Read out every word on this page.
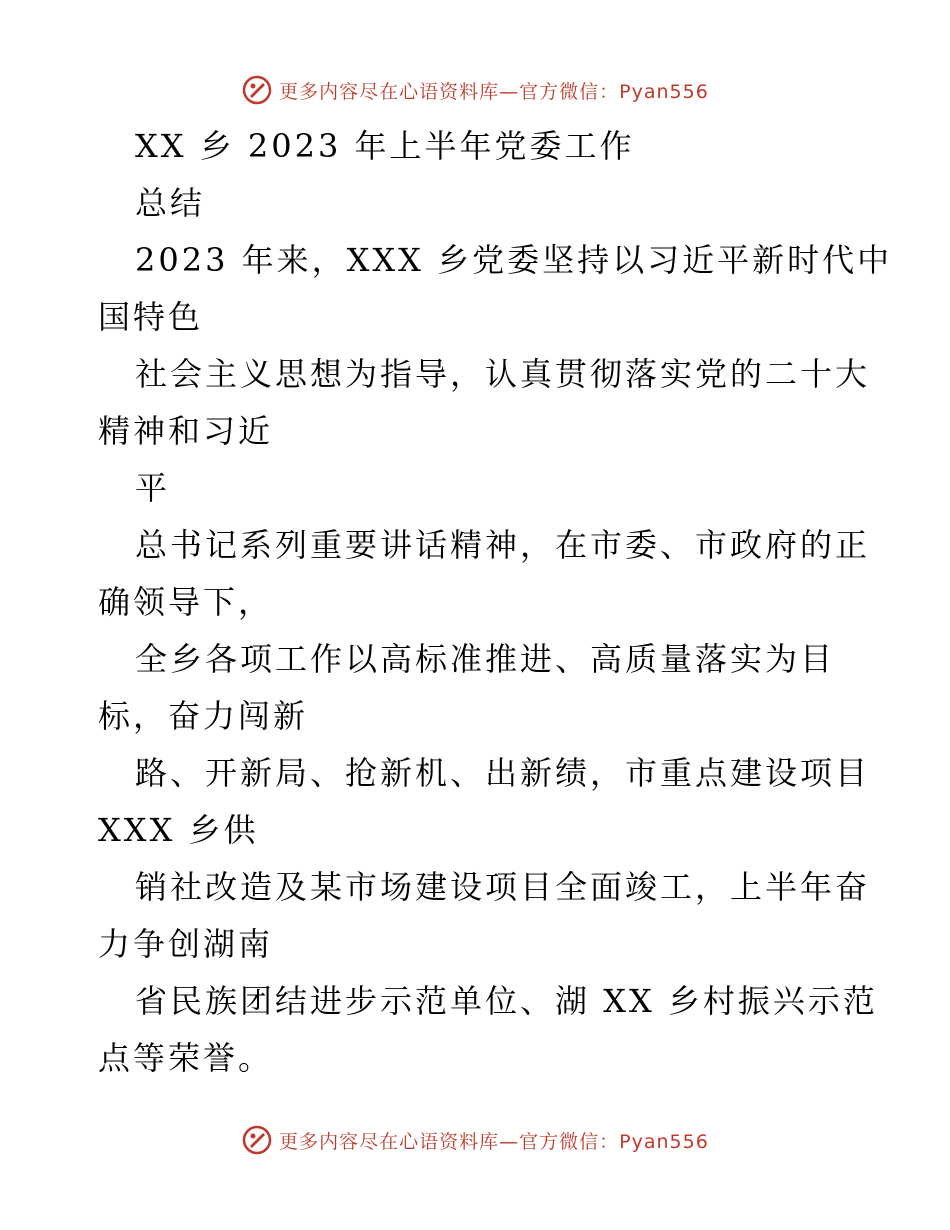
更多内容尽在心语资料库—官方微信：Pyan556
XX 乡 2023 年上半年党委工作
总结
2023 年来，XXX 乡党委坚持以习近平新时代中
国特色
社会主义思想为指导，认真贯彻落实党的二十大
精神和习近
平
总书记系列重要讲话精神，在市委、市政府的正
确领导下，
全乡各项工作以高标准推进、高质量落实为目
标，奋力闯新
路、开新局、抢新机、出新绩，市重点建设项目
XXX 乡供
销社改造及某市场建设项目全面竣工，上半年奋
力争创湖南
省民族团结进步示范单位、湖 XX 乡村振兴示范
点等荣誉。
更多内容尽在心语资料库—官方微信：Pyan556
